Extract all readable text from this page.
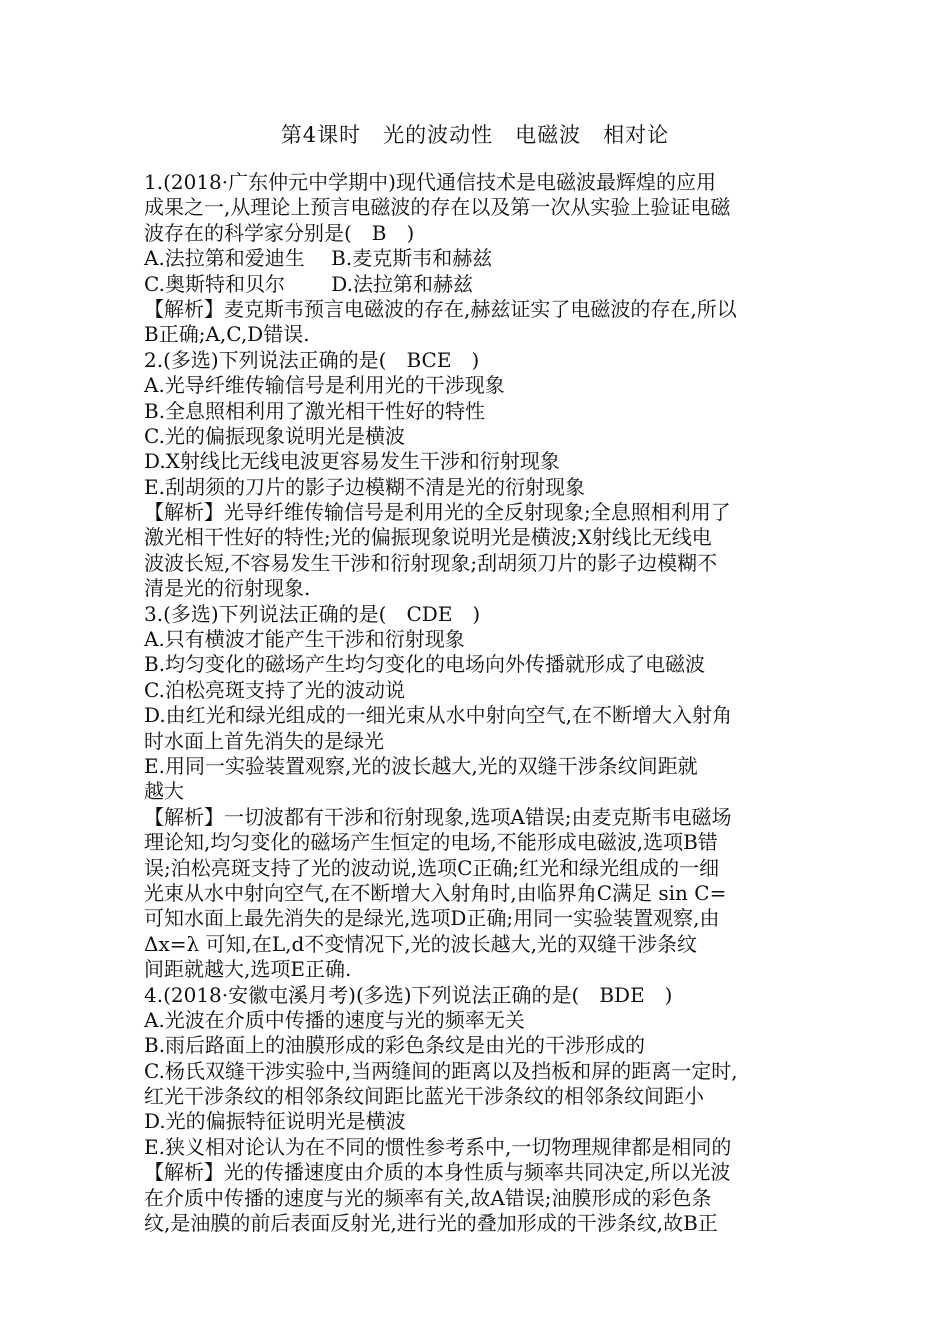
第4课时　光的波动性　电磁波　相对论
1.(2018·广东仲元中学期中)现代通信技术是电磁波最辉煌的应用
成果之一,从理论上预言电磁波的存在以及第一次从实验上验证电磁
波存在的科学家分别是(　B　)
A.法拉第和爱迪生　 B.麦克斯韦和赫兹
C.奥斯特和贝尔　　 D.法拉第和赫兹
【解析】麦克斯韦预言电磁波的存在,赫兹证实了电磁波的存在,所以
B正确;A,C,D错误.
2.(多选)下列说法正确的是(　BCE　)
A.光导纤维传输信号是利用光的干涉现象
B.全息照相利用了激光相干性好的特性
C.光的偏振现象说明光是横波
D.X射线比无线电波更容易发生干涉和衍射现象
E.刮胡须的刀片的影子边模糊不清是光的衍射现象
【解析】光导纤维传输信号是利用光的全反射现象;全息照相利用了
激光相干性好的特性;光的偏振现象说明光是横波;X射线比无线电
波波长短,不容易发生干涉和衍射现象;刮胡须刀片的影子边模糊不
清是光的衍射现象.
3.(多选)下列说法正确的是(　CDE　)
A.只有横波才能产生干涉和衍射现象
B.均匀变化的磁场产生均匀变化的电场向外传播就形成了电磁波
C.泊松亮斑支持了光的波动说
D.由红光和绿光组成的一细光束从水中射向空气,在不断增大入射角
时水面上首先消失的是绿光
E.用同一实验装置观察,光的波长越大,光的双缝干涉条纹间距就
越大
【解析】一切波都有干涉和衍射现象,选项A错误;由麦克斯韦电磁场
理论知,均匀变化的磁场产生恒定的电场,不能形成电磁波,选项B错
误;泊松亮斑支持了光的波动说,选项C正确;红光和绿光组成的一细
光束从水中射向空气,在不断增大入射角时,由临界角C满足 sin C=
可知水面上最先消失的是绿光,选项D正确;用同一实验装置观察,由
Δx=λ 可知,在L,d不变情况下,光的波长越大,光的双缝干涉条纹
间距就越大,选项E正确.
4.(2018·安徽屯溪月考)(多选)下列说法正确的是(　BDE　)
A.光波在介质中传播的速度与光的频率无关
B.雨后路面上的油膜形成的彩色条纹是由光的干涉形成的
C.杨氏双缝干涉实验中,当两缝间的距离以及挡板和屏的距离一定时,
红光干涉条纹的相邻条纹间距比蓝光干涉条纹的相邻条纹间距小
D.光的偏振特征说明光是横波
E.狭义相对论认为在不同的惯性参考系中,一切物理规律都是相同的
【解析】光的传播速度由介质的本身性质与频率共同决定,所以光波
在介质中传播的速度与光的频率有关,故A错误;油膜形成的彩色条
纹,是油膜的前后表面反射光,进行光的叠加形成的干涉条纹,故B正
